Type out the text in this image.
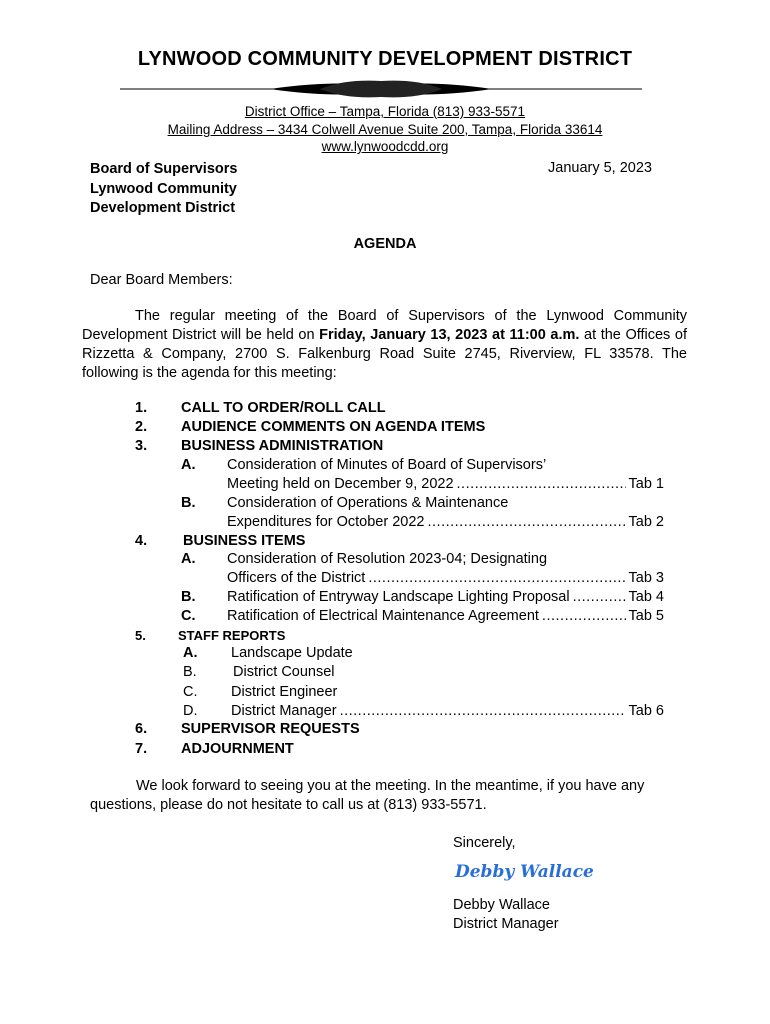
LYNWOOD COMMUNITY DEVELOPMENT DISTRICT
District Office – Tampa, Florida (813) 933-5571
Mailing Address – 3434 Colwell Avenue Suite 200, Tampa, Florida 33614
www.lynwoodcdd.org
Board of Supervisors
Lynwood Community
Development District
January 5, 2023
AGENDA
Dear Board Members:
The regular meeting of the Board of Supervisors of the Lynwood Community Development District will be held on Friday, January 13, 2023 at 11:00 a.m. at the Offices of Rizzetta & Company, 2700 S. Falkenburg Road Suite 2745, Riverview, FL 33578. The following is the agenda for this meeting:
1. CALL TO ORDER/ROLL CALL
2. AUDIENCE COMMENTS ON AGENDA ITEMS
3. BUSINESS ADMINISTRATION
A. Consideration of Minutes of Board of Supervisors’
Meeting held on December 9, 2022 .....	Tab 1
B. Consideration of Operations & Maintenance
Expenditures for October 2022 .....	Tab 2
4. BUSINESS ITEMS
A. Consideration of Resolution 2023-04; Designating
Officers of the District .....	Tab 3
B. Ratification of Entryway Landscape Lighting Proposal .....	Tab 4
C. Ratification of Electrical Maintenance Agreement .....	Tab 5
5. STAFF REPORTS
A. Landscape Update
B.	District Counsel
C. District Engineer
D. District Manager .....	Tab 6
6. SUPERVISOR REQUESTS
7. ADJOURNMENT
We look forward to seeing you at the meeting. In the meantime, if you have any questions, please do not hesitate to call us at (813) 933-5571.
Sincerely,
Debby Wallace
Debby Wallace
District Manager
